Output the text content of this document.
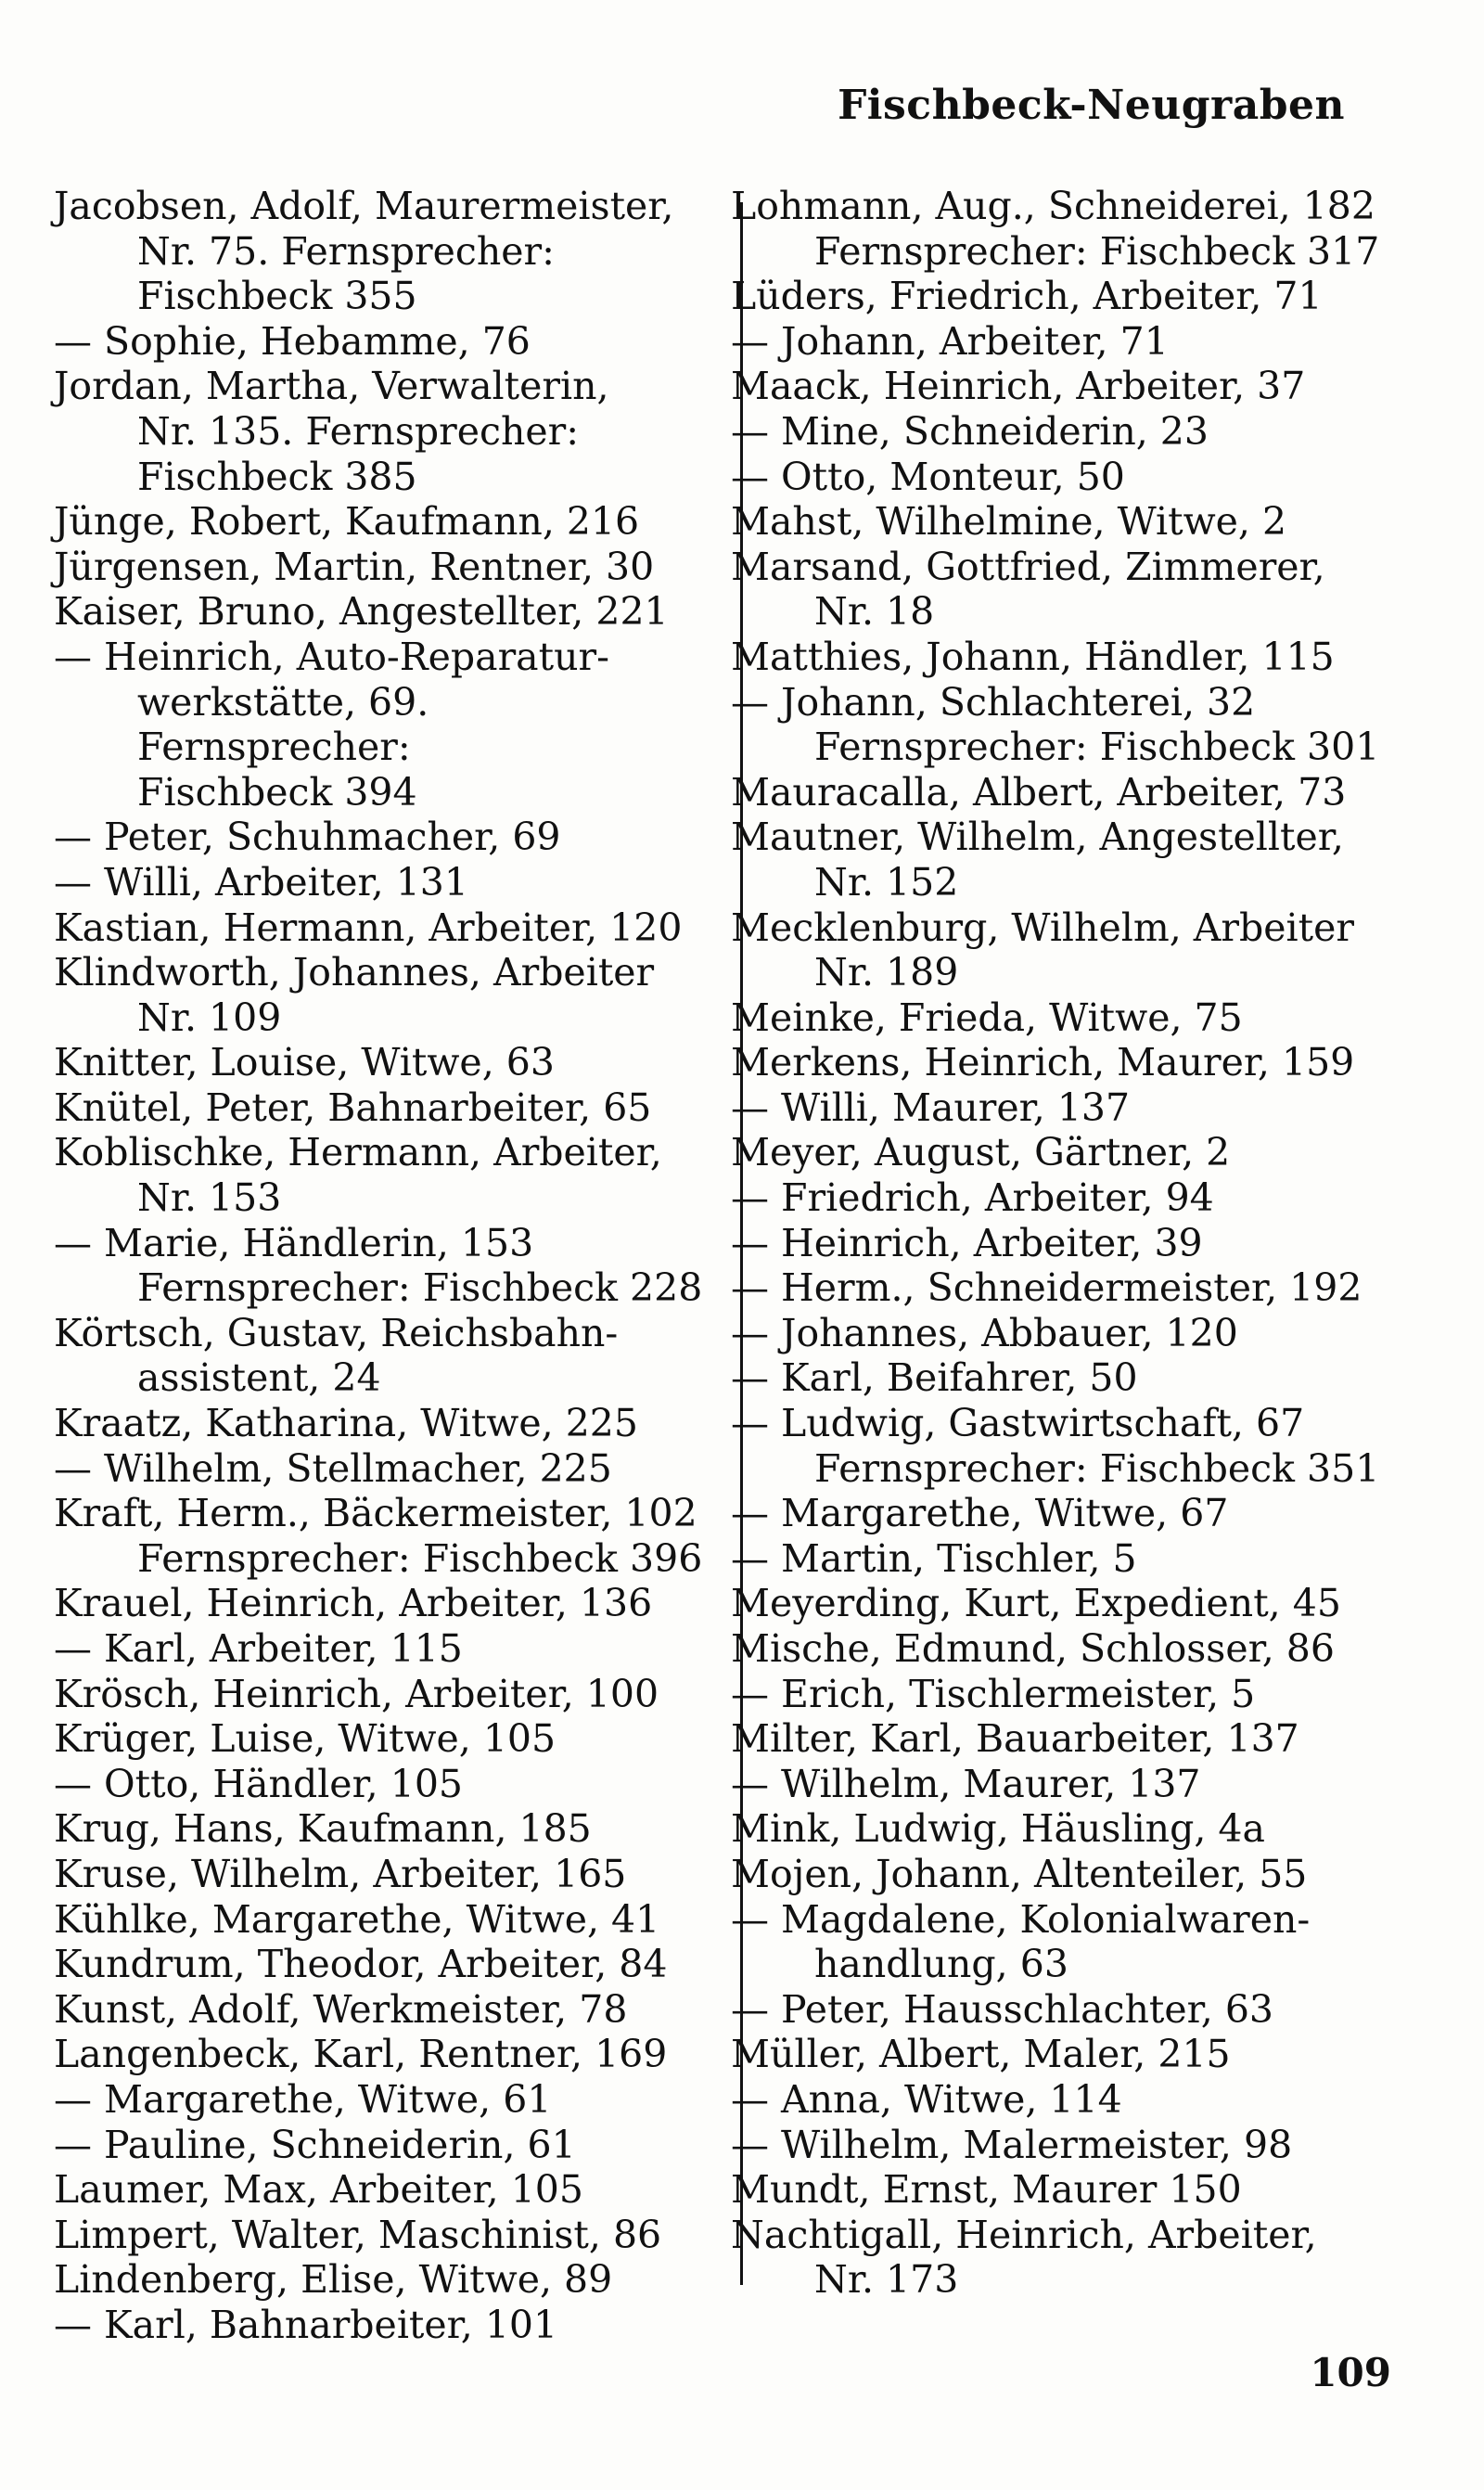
Fischbeck-Neugraben
Jacobsen, Adolf, Maurermeister,
Nr. 75. Fernsprecher:
Fischbeck 355
— Sophie, Hebamme, 76
Jordan, Martha, Verwalterin,
Nr. 135. Fernsprecher:
Fischbeck 385
Jünge, Robert, Kaufmann, 216
Jürgensen, Martin, Rentner, 30
Kaiser, Bruno, Angestellter, 221
— Heinrich, Auto-Reparatur-
werkstätte, 69. Fernsprecher:
Fischbeck 394
— Peter, Schuhmacher, 69
— Willi, Arbeiter, 131
Kastian, Hermann, Arbeiter, 120
Klindworth, Johannes, Arbeiter
Nr. 109
Knitter, Louise, Witwe, 63
Knütel, Peter, Bahnarbeiter, 65
Koblischke, Hermann, Arbeiter,
Nr. 153
— Marie, Händlerin, 153
Fernsprecher: Fischbeck 228
Körtsch, Gustav, Reichsbahn-
assistent, 24
Kraatz, Katharina, Witwe, 225
— Wilhelm, Stellmacher, 225
Kraft, Herm., Bäckermeister, 102
Fernsprecher: Fischbeck 396
Krauel, Heinrich, Arbeiter, 136
— Karl, Arbeiter, 115
Krösch, Heinrich, Arbeiter, 100
Krüger, Luise, Witwe, 105
— Otto, Händler, 105
Krug, Hans, Kaufmann, 185
Kruse, Wilhelm, Arbeiter, 165
Kühlke, Margarethe, Witwe, 41
Kundrum, Theodor, Arbeiter, 84
Kunst, Adolf, Werkmeister, 78
Langenbeck, Karl, Rentner, 169
— Margarethe, Witwe, 61
— Pauline, Schneiderin, 61
Laumer, Max, Arbeiter, 105
Limpert, Walter, Maschinist, 86
Lindenberg, Elise, Witwe, 89
— Karl, Bahnarbeiter, 101
Lohmann, Aug., Schneiderei, 182
Fernsprecher: Fischbeck 317
Lüders, Friedrich, Arbeiter, 71
— Johann, Arbeiter, 71
Maack, Heinrich, Arbeiter, 37
— Mine, Schneiderin, 23
— Otto, Monteur, 50
Mahst, Wilhelmine, Witwe, 2
Marsand, Gottfried, Zimmerer,
Nr. 18
Matthies, Johann, Händler, 115
— Johann, Schlachterei, 32
Fernsprecher: Fischbeck 301
Mauracalla, Albert, Arbeiter, 73
Mautner, Wilhelm, Angestellter,
Nr. 152
Mecklenburg, Wilhelm, Arbeiter
Nr. 189
Meinke, Frieda, Witwe, 75
Merkens, Heinrich, Maurer, 159
— Willi, Maurer, 137
Meyer, August, Gärtner, 2
— Friedrich, Arbeiter, 94
— Heinrich, Arbeiter, 39
— Herm., Schneidermeister, 192
— Johannes, Abbauer, 120
— Karl, Beifahrer, 50
— Ludwig, Gastwirtschaft, 67
Fernsprecher: Fischbeck 351
— Margarethe, Witwe, 67
— Martin, Tischler, 5
Meyerding, Kurt, Expedient, 45
Mische, Edmund, Schlosser, 86
— Erich, Tischlermeister, 5
Milter, Karl, Bauarbeiter, 137
— Wilhelm, Maurer, 137
Mink, Ludwig, Häusling, 4a
Mojen, Johann, Altenteiler, 55
— Magdalene, Kolonialwaren-
handlung, 63
— Peter, Hausschlachter, 63
Müller, Albert, Maler, 215
— Anna, Witwe, 114
— Wilhelm, Malermeister, 98
Mundt, Ernst, Maurer 150
Nachtigall, Heinrich, Arbeiter,
Nr. 173
109
